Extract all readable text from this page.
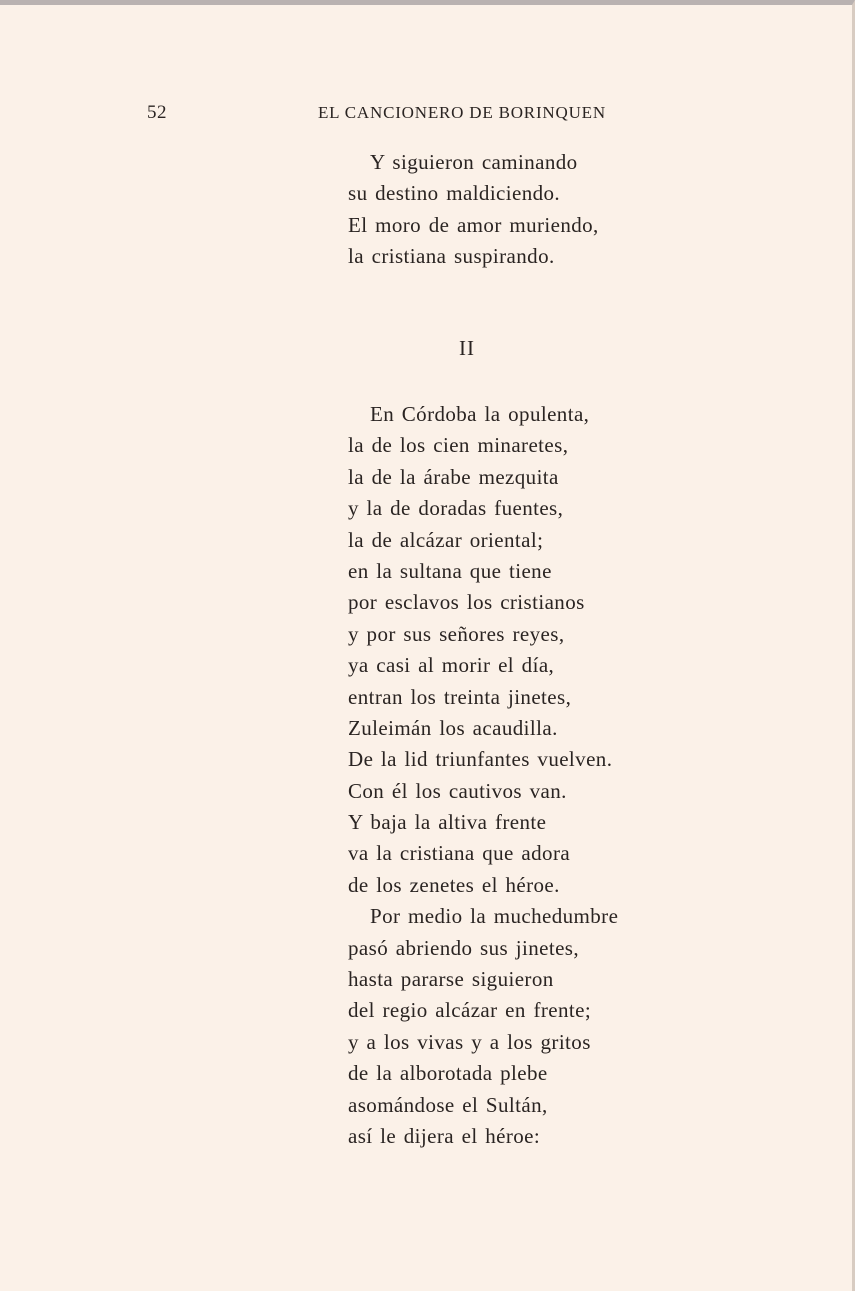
52	EL CANCIONERO DE BORINQUEN
Y siguieron caminando
su destino maldiciendo.
El moro de amor muriendo,
la cristiana suspirando.
II
En Córdoba la opulenta,
la de los cien minaretes,
la de la árabe mezquita
y la de doradas fuentes,
la de alcázar oriental;
en la sultana que tiene
por esclavos los cristianos
y por sus señores reyes,
ya casi al morir el día,
entran los treinta jinetes,
Zuleimán los acaudilla.
De la lid triunfantes vuelven.
Con él los cautivos van.
Y baja la altiva frente
va la cristiana que adora
de los zenetes el héroe.
Por medio la muchedumbre
pasó abriendo sus jinetes,
hasta pararse siguieron
del regio alcázar en frente;
y a los vivas y a los gritos
de la alborotada plebe
asomándose el Sultán,
así le dijera el héroe:
